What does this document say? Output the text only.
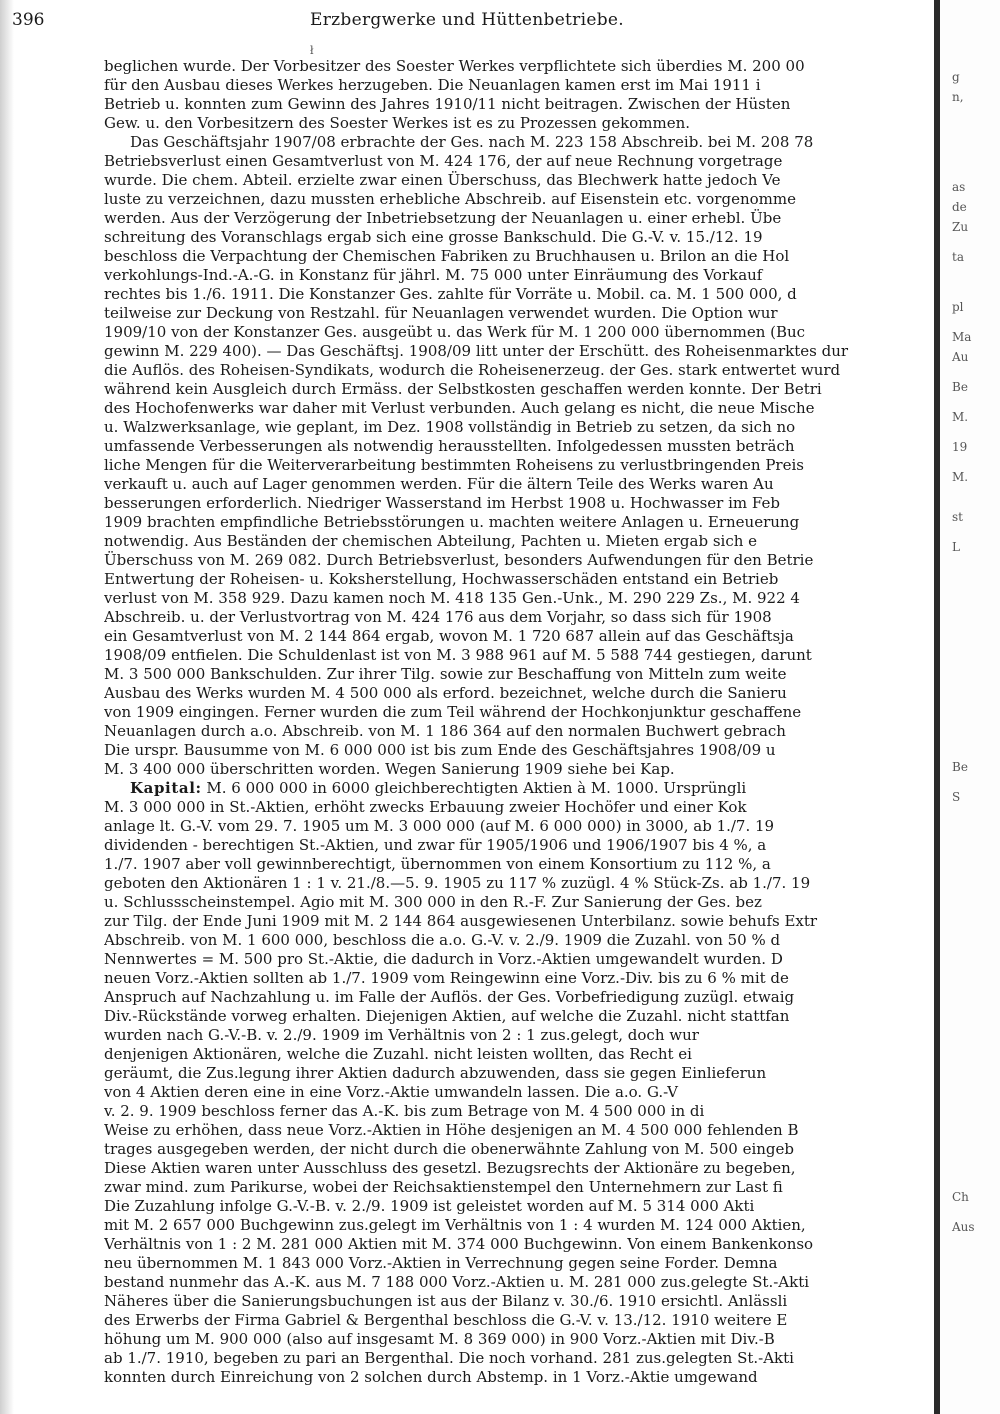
396	Erzbergwerke und Hüttenbetriebe.
ł
beglichen wurde. Der Vorbesitzer des Soester Werkes verpflichtete sich überdies M. 200 00
für den Ausbau dieses Werkes herzugeben. Die Neuanlagen kamen erst im Mai 1911 i
Betrieb u. konnten zum Gewinn des Jahres 1910/11 nicht beitragen. Zwischen der Hüsten
Gew. u. den Vorbesitzern des Soester Werkes ist es zu Prozessen gekommen.
Das Geschäftsjahr 1907/08 erbrachte der Ges. nach M. 223 158 Abschreib. bei M. 208 78
Betriebsverlust einen Gesamtverlust von M. 424 176, der auf neue Rechnung vorgetrage
wurde. Die chem. Abteil. erzielte zwar einen Überschuss, das Blechwerk hatte jedoch Ve
luste zu verzeichnen, dazu mussten erhebliche Abschreib. auf Eisenstein etc. vorgenomme
werden. Aus der Verzögerung der Inbetriebsetzung der Neuanlagen u. einer erhebl. Übe
schreitung des Voranschlags ergab sich eine grosse Bankschuld. Die G.-V. v. 15./12. 19
beschloss die Verpachtung der Chemischen Fabriken zu Bruchhausen u. Brilon an die Hol
verkohlungs-Ind.-A.-G. in Konstanz für jährl. M. 75 000 unter Einräumung des Vorkauf
rechtes bis 1./6. 1911. Die Konstanzer Ges. zahlte für Vorräte u. Mobil. ca. M. 1 500 000, d
teilweise zur Deckung von Restzahl. für Neuanlagen verwendet wurden. Die Option wur
1909/10 von der Konstanzer Ges. ausgeübt u. das Werk für M. 1 200 000 übernommen (Buc
gewinn M. 229 400). — Das Geschäftsj. 1908/09 litt unter der Erschütt. des Roheisenmarktes dur
die Auflös. des Roheisen-Syndikats, wodurch die Roheisenerzeug. der Ges. stark entwertet wurd
während kein Ausgleich durch Ermäss. der Selbstkosten geschaffen werden konnte. Der Betri
des Hochofenwerks war daher mit Verlust verbunden. Auch gelang es nicht, die neue Mische
u. Walzwerksanlage, wie geplant, im Dez. 1908 vollständig in Betrieb zu setzen, da sich no
umfassende Verbesserungen als notwendig herausstellten. Infolgedessen mussten beträch
liche Mengen für die Weiterverarbeitung bestimmten Roheisens zu verlustbringenden Preis
verkauft u. auch auf Lager genommen werden. Für die ältern Teile des Werks waren Au
besserungen erforderlich. Niedriger Wasserstand im Herbst 1908 u. Hochwasser im Feb
1909 brachten empfindliche Betriebsstörungen u. machten weitere Anlagen u. Erneuerung
notwendig. Aus Beständen der chemischen Abteilung, Pachten u. Mieten ergab sich e
Überschuss von M. 269 082. Durch Betriebsverlust, besonders Aufwendungen für den Betrie
Entwertung der Roheisen- u. Koksherstellung, Hochwasserschäden entstand ein Betrieb
verlust von M. 358 929. Dazu kamen noch M. 418 135 Gen.-Unk., M. 290 229 Zs., M. 922 4
Abschreib. u. der Verlustvortrag von M. 424 176 aus dem Vorjahr, so dass sich für 1908
ein Gesamtverlust von M. 2 144 864 ergab, wovon M. 1 720 687 allein auf das Geschäftsja
1908/09 entfielen. Die Schuldenlast ist von M. 3 988 961 auf M. 5 588 744 gestiegen, darunt
M. 3 500 000 Bankschulden. Zur ihrer Tilg. sowie zur Beschaffung von Mitteln zum weite
Ausbau des Werks wurden M. 4 500 000 als erford. bezeichnet, welche durch die Sanieru
von 1909 eingingen. Ferner wurden die zum Teil während der Hochkonjunktur geschaffene
Neuanlagen durch a.o. Abschreib. von M. 1 186 364 auf den normalen Buchwert gebrach
Die urspr. Bausumme von M. 6 000 000 ist bis zum Ende des Geschäftsjahres 1908/09 u
M. 3 400 000 überschritten worden. Wegen Sanierung 1909 siehe bei Kap.
Kapital: M. 6 000 000 in 6000 gleichberechtigten Aktien à M. 1000. Ursprüngli
M. 3 000 000 in St.-Aktien, erhöht zwecks Erbauung zweier Hochöfer und einer Kok
anlage lt. G.-V. vom 29. 7. 1905 um M. 3 000 000 (auf M. 6 000 000) in 3000, ab 1./7. 19
dividenden - berechtigen St.-Aktien, und zwar für 1905/1906 und 1906/1907 bis 4 %, a
1./7. 1907 aber voll gewinnberechtigt, übernommen von einem Konsortium zu 112 %, a
geboten den Aktionären 1 : 1 v. 21./8.—5. 9. 1905 zu 117 % zuzügl. 4 % Stück-Zs. ab 1./7. 19
u. Schlussscheinstempel. Agio mit M. 300 000 in den R.-F. Zur Sanierung der Ges. bez
zur Tilg. der Ende Juni 1909 mit M. 2 144 864 ausgewiesenen Unterbilanz. sowie behufs Extr
Abschreib. von M. 1 600 000, beschloss die a.o. G.-V. v. 2./9. 1909 die Zuzahl. von 50 % d
Nennwertes = M. 500 pro St.-Aktie, die dadurch in Vorz.-Aktien umgewandelt wurden. D
neuen Vorz.-Aktien sollten ab 1./7. 1909 vom Reingewinn eine Vorz.-Div. bis zu 6 % mit de
Anspruch auf Nachzahlung u. im Falle der Auflös. der Ges. Vorbefriedigung zuzügl. etwaig
Div.-Rückstände vorweg erhalten. Diejenigen Aktien, auf welche die Zuzahl. nicht stattfan
wurden nach G.-V.-B. v. 2./9. 1909 im Verhältnis von 2 : 1 zus.gelegt, doch wur
denjenigen Aktionären, welche die Zuzahl. nicht leisten wollten, das Recht ei
geräumt, die Zus.legung ihrer Aktien dadurch abzuwenden, dass sie gegen Einlieferun
von 4 Aktien deren eine in eine Vorz.-Aktie umwandeln lassen. Die a.o. G.-V
v. 2. 9. 1909 beschloss ferner das A.-K. bis zum Betrage von M. 4 500 000 in di
Weise zu erhöhen, dass neue Vorz.-Aktien in Höhe desjenigen an M. 4 500 000 fehlenden B
trages ausgegeben werden, der nicht durch die obenerwähnte Zahlung von M. 500 eingeb
Diese Aktien waren unter Ausschluss des gesetzl. Bezugsrechts der Aktionäre zu begeben,
zwar mind. zum Parikurse, wobei der Reichsaktienstempel den Unternehmern zur Last fi
Die Zuzahlung infolge G.-V.-B. v. 2./9. 1909 ist geleistet worden auf M. 5 314 000 Akti
mit M. 2 657 000 Buchgewinn zus.gelegt im Verhältnis von 1 : 4 wurden M. 124 000 Aktien,
Verhältnis von 1 : 2 M. 281 000 Aktien mit M. 374 000 Buchgewinn. Von einem Bankenkonso
neu übernommen M. 1 843 000 Vorz.-Aktien in Verrechnung gegen seine Forder. Demna
bestand nunmehr das A.-K. aus M. 7 188 000 Vorz.-Aktien u. M. 281 000 zus.gelegte St.-Akti
Näheres über die Sanierungsbuchungen ist aus der Bilanz v. 30./6. 1910 ersichtl. Anlässli
des Erwerbs der Firma Gabriel & Bergenthal beschloss die G.-V. v. 13./12. 1910 weitere E
höhung um M. 900 000 (also auf insgesamt M. 8 369 000) in 900 Vorz.-Aktien mit Div.-B
ab 1./7. 1910, begeben zu pari an Bergenthal. Die noch vorhand. 281 zus.gelegten St.-Akti
konnten durch Einreichung von 2 solchen durch Abstemp. in 1 Vorz.-Aktie umgewand
g
n,
as
de
Zu
ta
pl
Ma
Au
Be
M.
19
M.
st
L
Be
S
Ch
Aus
